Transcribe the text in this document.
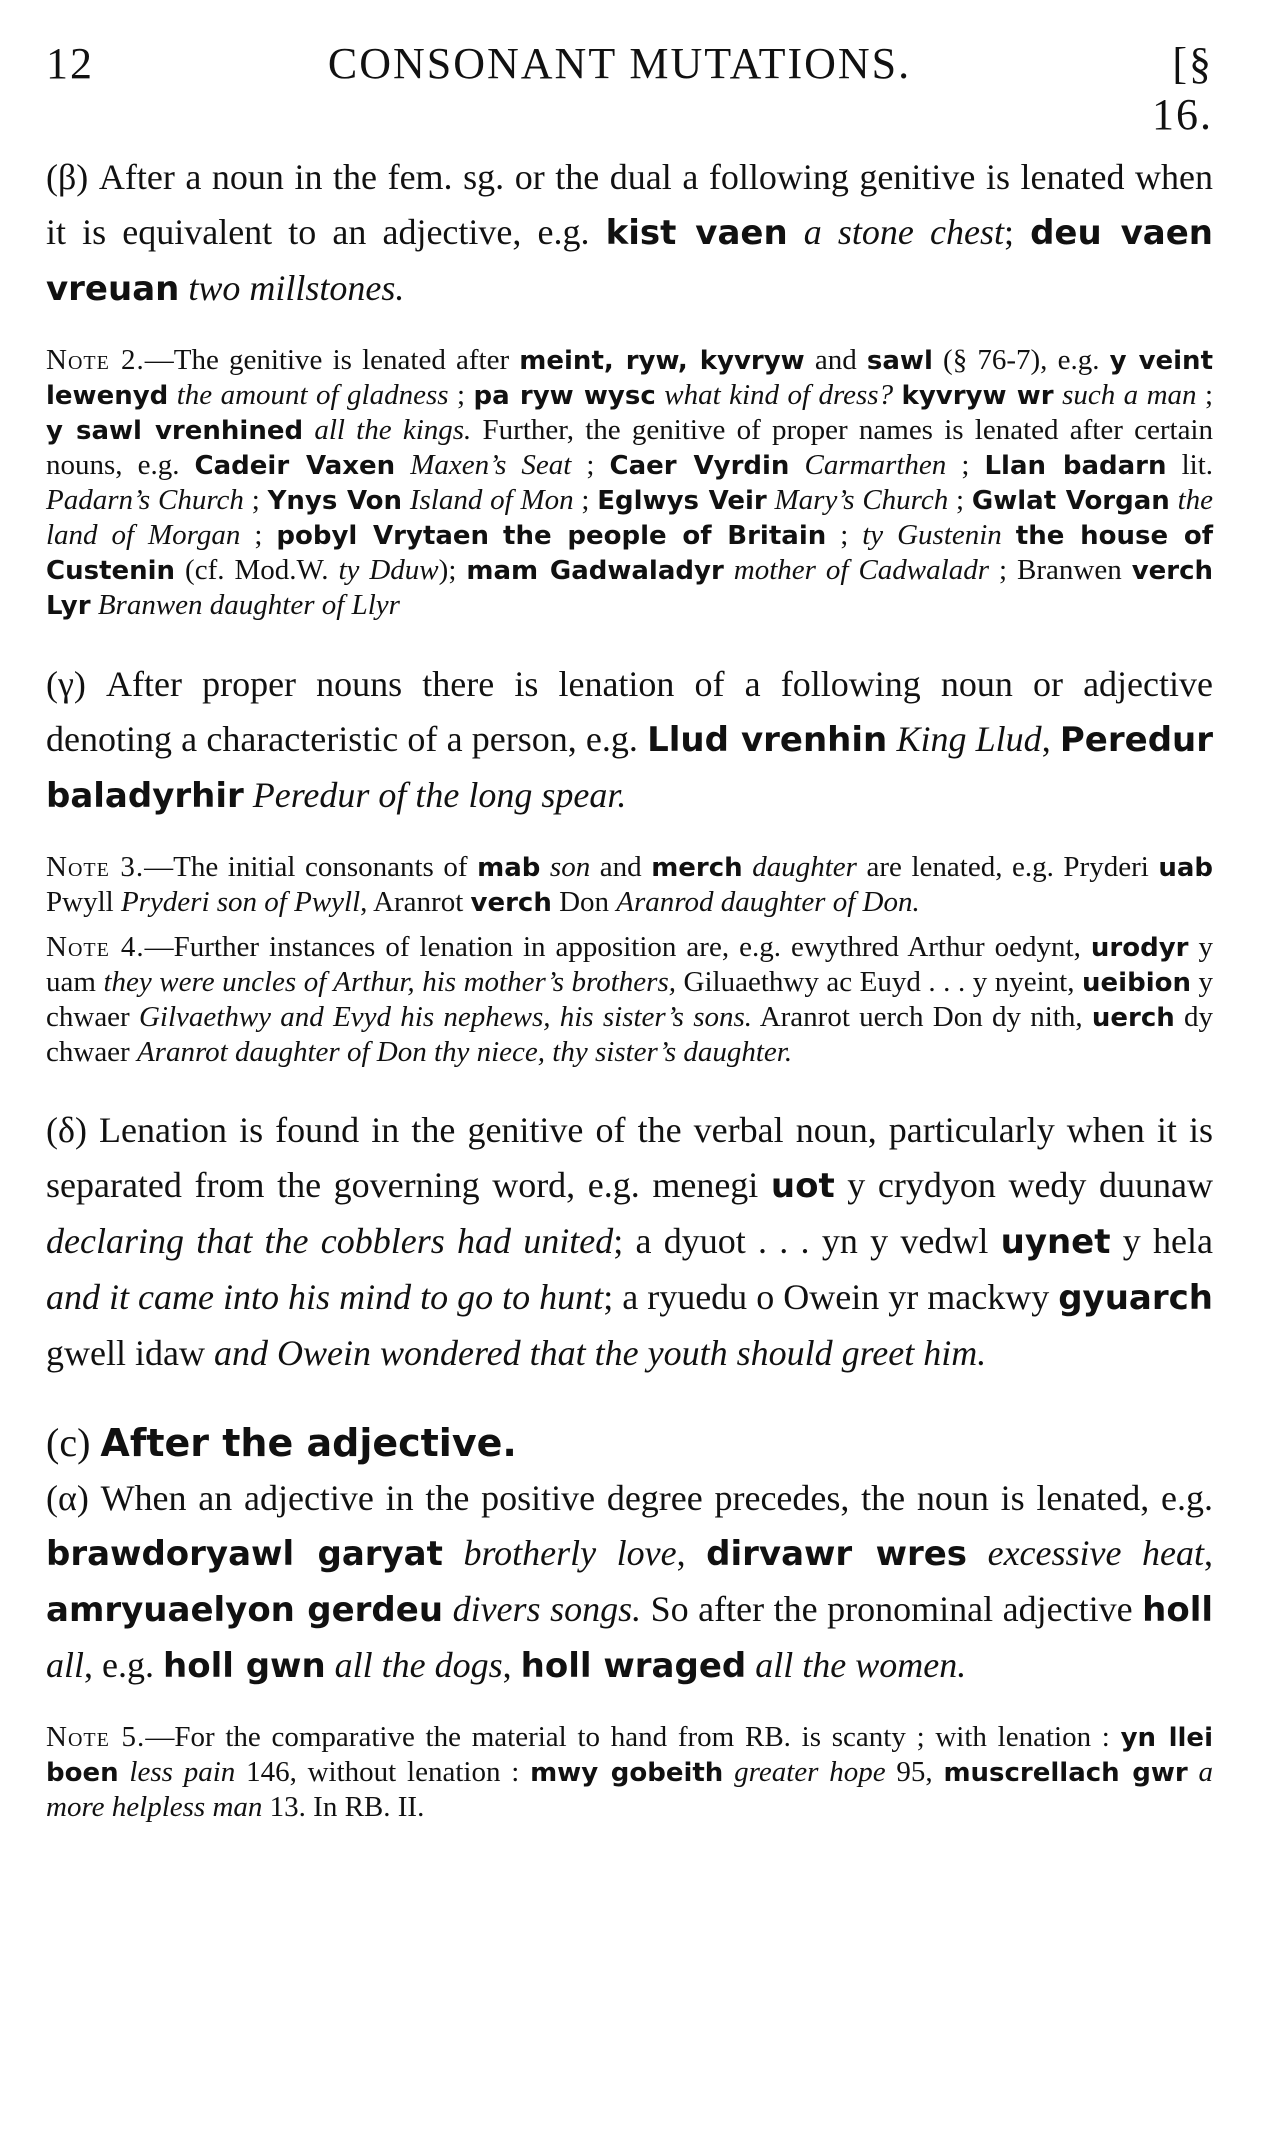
12	CONSONANT MUTATIONS.	[§ 16.

(β) After a noun in the fem. sg. or the dual a following genitive is lenated when it is equivalent to an adjective, e.g. kist vaen a stone chest; deu vaen vreuan two millstones.

Note 2.—The genitive is lenated after meint, ryw, kyvryw and sawl (§ 76-7), e.g. y veint lewenyd the amount of gladness ; pa ryw wysc what kind of dress? kyvryw wr such a man ; y sawl vrenhined all the kings. Further, the genitive of proper names is lenated after certain nouns, e.g. Cadeir Vaxen Maxen’s Seat ; Caer Vyrdin Carmarthen ; Llan badarn lit. Padarn’s Church ; Ynys Von Island of Mon ; Eglwys Veir Mary’s Church ; Gwlat Vorgan the land of Morgan ; pobyl Vrytaen the people of Britain ; ty Gustenin the house of Custenin (cf. Mod.W. ty Dduw); mam Gadwaladyr mother of Cadwaladr ; Branwen verch Lyr Branwen daughter of Llyr

(γ) After proper nouns there is lenation of a following noun or adjective denoting a characteristic of a person, e.g. Llud vrenhin King Llud, Peredur baladyrhir Peredur of the long spear.

Note 3.—The initial consonants of mab son and merch daughter are lenated, e.g. Pryderi uab Pwyll Pryderi son of Pwyll, Aranrot verch Don Aranrod daughter of Don.

Note 4.—Further instances of lenation in apposition are, e.g. ewythred Arthur oedynt, urodyr y uam they were uncles of Arthur, his mother’s brothers, Giluaethwy ac Euyd . . . y nyeint, ueibion y chwaer Gilvaethwy and Evyd his nephews, his sister’s sons. Aranrot uerch Don dy nith, uerch dy chwaer Aranrot daughter of Don thy niece, thy sister’s daughter.

(δ) Lenation is found in the genitive of the verbal noun, particularly when it is separated from the governing word, e.g. menegi uot y crydyon wedy duunaw declaring that the cobblers had united; a dyuot . . . yn y vedwl uynet y hela and it came into his mind to go to hunt; a ryuedu o Owein yr mackwy gyuarch gwell idaw and Owein wondered that the youth should greet him.

(c) After the adjective.

(α) When an adjective in the positive degree precedes, the noun is lenated, e.g. brawdoryawl garyat brotherly love, dirvawr wres excessive heat, amryuaelyon gerdeu divers songs. So after the pronominal adjective holl all, e.g. holl gwn all the dogs, holl wraged all the women.

Note 5.—For the comparative the material to hand from RB. is scanty ; with lenation : yn llei boen less pain 146, without lenation : mwy gobeith greater hope 95, muscrellach gwr a more helpless man 13. In RB. II.
